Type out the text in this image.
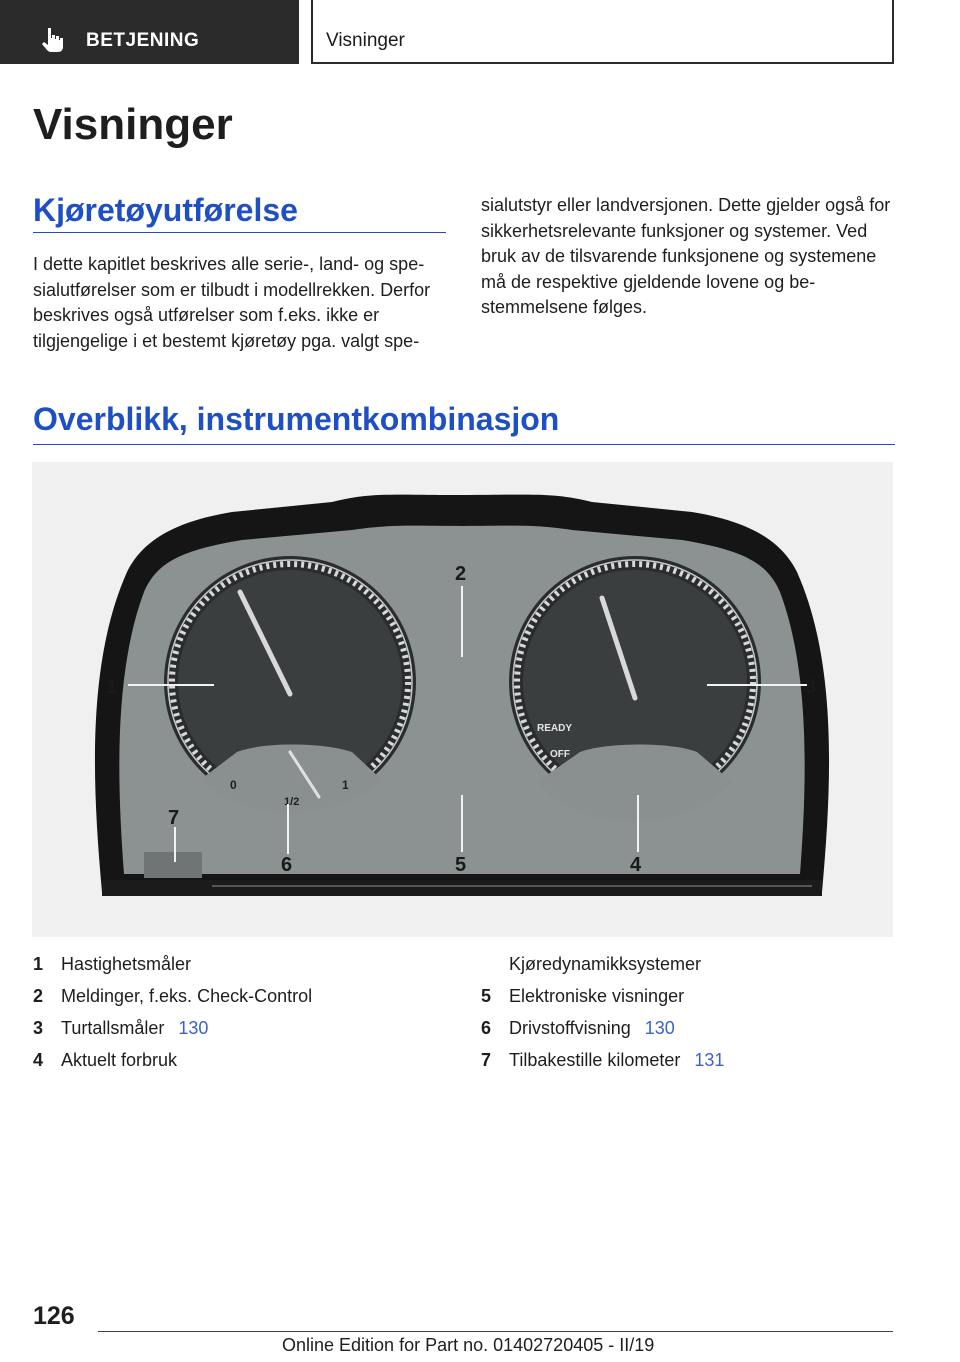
BETJENING	Visninger
Visninger
Kjøretøyutførelse

I dette kapitlet beskrives alle serie-, land- og spesialutførelser som er tilbudt i modellrekken. Derfor beskrives også utførelser som f.eks. ikke er tilgjengelige i et bestemt kjøretøy pga. valgt spe-

sialutstyr eller landversjonen. Dette gjelder også for sikkerhetsrelevante funksjoner og systemer. Ved bruk av de tilsvarende funksjonene og systemene må de respektive gjeldende lovene og bestemmelsene følges.

Overblikk, instrumentkombinasjon
0
1/2
1
READY
OFF
1
2
3
4
5
6
7
1 Hastighetsmåler
2 Meldinger, f.eks. Check-Control
3 Turtallsmåler 130
4 Aktuelt forbruk
Kjøredynamikksystemer
5 Elektroniske visninger
6 Drivstoffvisning 130
7 Tilbakestille kilometer 131
126
Online Edition for Part no. 01402720405 - II/19
